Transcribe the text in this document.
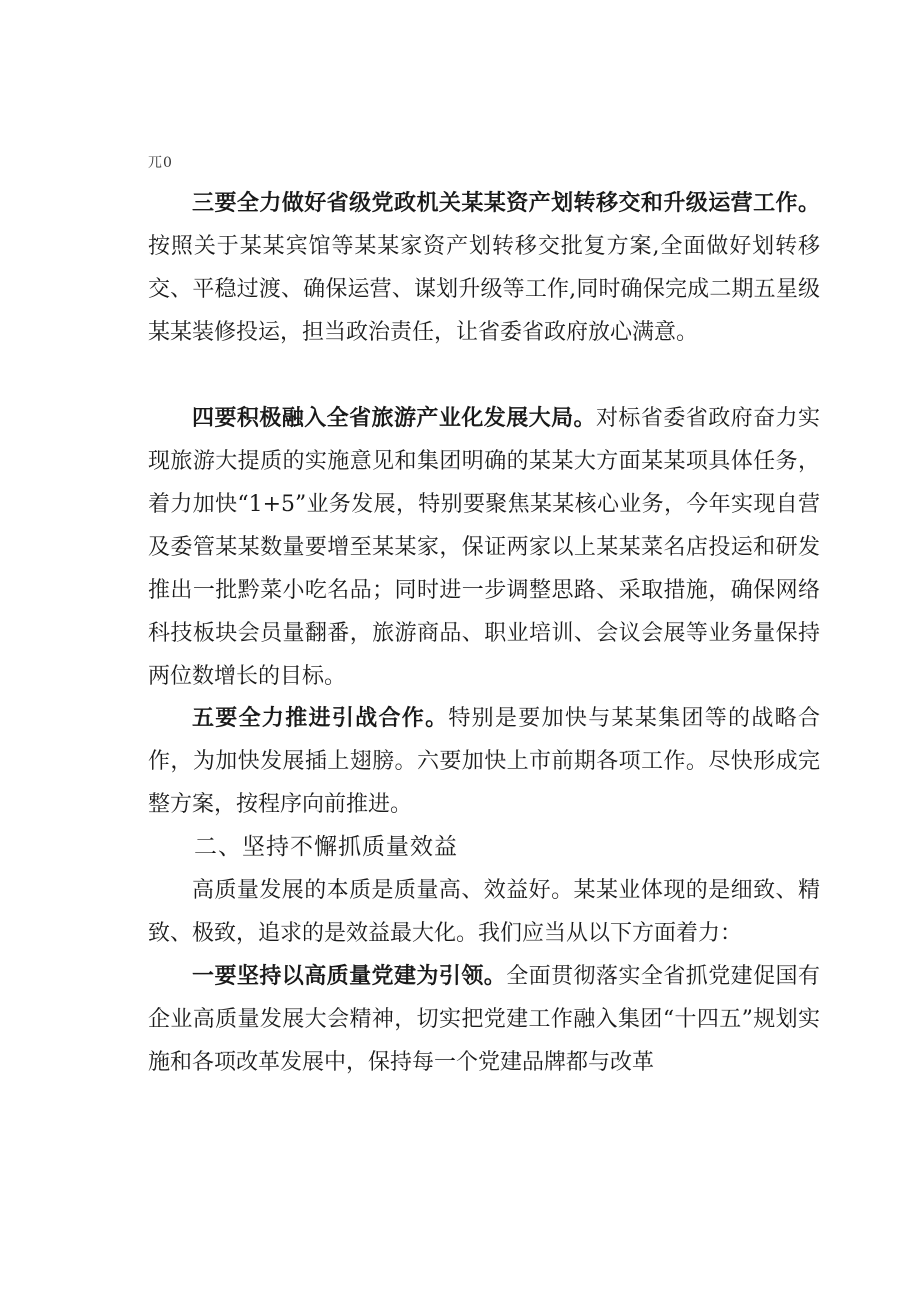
兀0

三要全力做好省级党政机关某某资产划转移交和升级运营工作。按照关于某某宾馆等某某家资产划转移交批复方案,全面做好划转移交、平稳过渡、确保运营、谋划升级等工作,同时确保完成二期五星级某某装修投运，担当政治责任，让省委省政府放心满意。

四要积极融入全省旅游产业化发展大局。对标省委省政府奋力实现旅游大提质的实施意见和集团明确的某某大方面某某项具体任务，着力加快“1+5”业务发展，特别要聚焦某某核心业务，今年实现自营及委管某某数量要增至某某家，保证两家以上某某菜名店投运和研发推出一批黔菜小吃名品；同时进一步调整思路、采取措施，确保网络科技板块会员量翻番，旅游商品、职业培训、会议会展等业务量保持两位数增长的目标。

五要全力推进引战合作。特别是要加快与某某集团等的战略合作，为加快发展插上翅膀。六要加快上市前期各项工作。尽快形成完整方案，按程序向前推进。

二、坚持不懈抓质量效益

高质量发展的本质是质量高、效益好。某某业体现的是细致、精致、极致，追求的是效益最大化。我们应当从以下方面着力：

一要坚持以高质量党建为引领。全面贯彻落实全省抓党建促国有企业高质量发展大会精神，切实把党建工作融入集团“十四五”规划实施和各项改革发展中，保持每一个党建品牌都与改革
